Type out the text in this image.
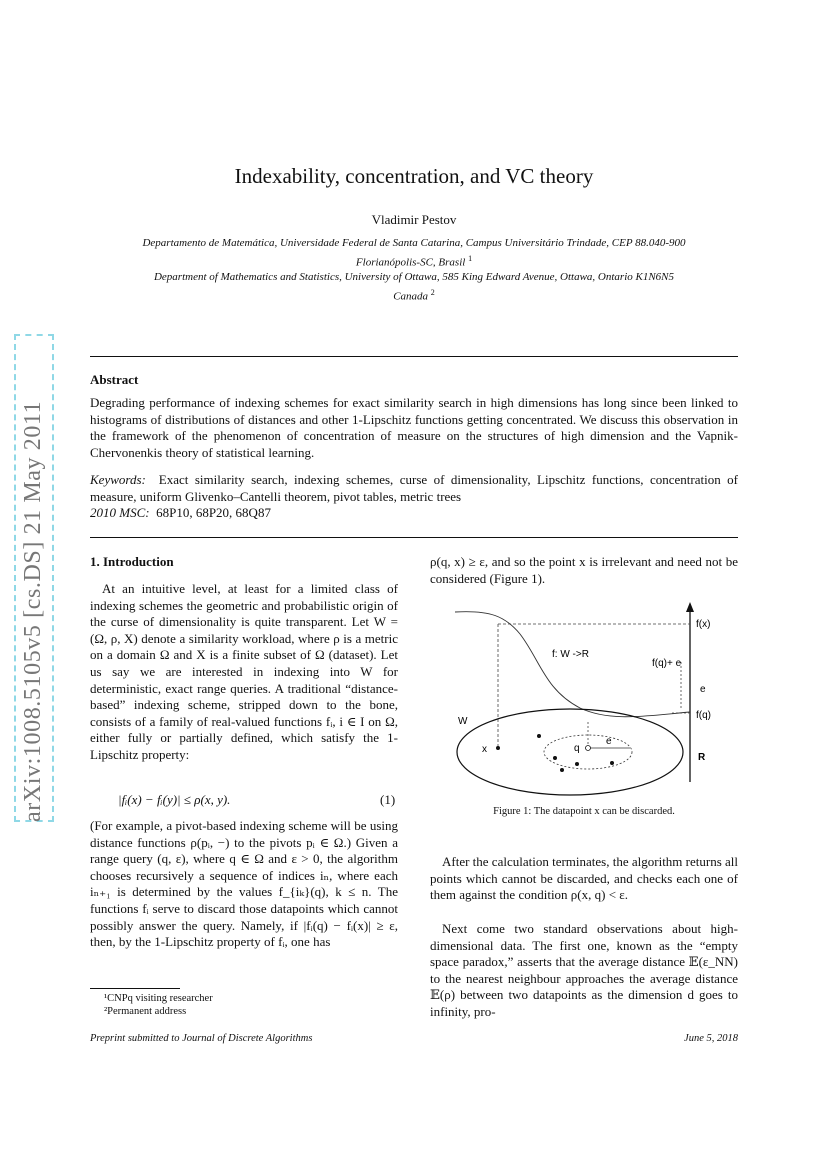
arXiv:1008.5105v5 [cs.DS] 21 May 2011
Indexability, concentration, and VC theory
Vladimir Pestov
Departamento de Matemática, Universidade Federal de Santa Catarina, Campus Universitário Trindade, CEP 88.040-900
Florianópolis-SC, Brasil $^1$
Department of Mathematics and Statistics, University of Ottawa, 585 King Edward Avenue, Ottawa, Ontario K1N6N5
Canada $^2$
Abstract
Degrading performance of indexing schemes for exact similarity search in high dimensions has long since been linked to histograms of distributions of distances and other 1-Lipschitz functions getting concentrated. We discuss this observation in the framework of the phenomenon of concentration of measure on the structures of high dimension and the Vapnik-Chervonenkis theory of statistical learning.
Keywords: Exact similarity search, indexing schemes, curse of dimensionality, Lipschitz functions, concentration of measure, uniform Glivenko–Cantelli theorem, pivot tables, metric trees
2010 MSC: 68P10, 68P20, 68Q87
1. Introduction
At an intuitive level, at least for a limited class of indexing schemes the geometric and probabilistic origin of the curse of dimensionality is quite transparent. Let W = (Ω, ρ, X) denote a similarity workload, where ρ is a metric on a domain Ω and X is a finite subset of Ω (dataset). Let us say we are interested in indexing into W for deterministic, exact range queries. A traditional “distance-based” indexing scheme, stripped down to the bone, consists of a family of real-valued functions fᵢ, i ∈ I on Ω, either fully or partially defined, which satisfy the 1-Lipschitz property:
|fᵢ(x) − fᵢ(y)| ≤ ρ(x, y).	(1)
(For example, a pivot-based indexing scheme will be using distance functions ρ(pᵢ, −) to the pivots pᵢ ∈ Ω.) Given a range query (q, ε), where q ∈ Ω and ε > 0, the algorithm chooses recursively a sequence of indices iₙ, where each iₙ₊₁ is determined by the values f_{iₖ}(q), k ≤ n. The functions fᵢ serve to discard those datapoints which cannot possibly answer the query. Namely, if |fᵢ(q) − fᵢ(x)| ≥ ε, then, by the 1-Lipschitz property of fᵢ, one has
¹CNPq visiting researcher
²Permanent address
ρ(q, x) ≥ ε, and so the point x is irrelevant and need not be considered (Figure 1).
f(x)
f: W ->R
f(q)+ e
e
f(q)
W
x	q
e
R
Figure 1: The datapoint x can be discarded.
After the calculation terminates, the algorithm returns all points which cannot be discarded, and checks each one of them against the condition ρ(x, q) < ε.
Next come two standard observations about high-dimensional data. The first one, known as the “empty space paradox,” asserts that the average distance 𝔼(ε_NN) to the nearest neighbour approaches the average distance 𝔼(ρ) between two datapoints as the dimension d goes to infinity, pro-
Preprint submitted to Journal of Discrete Algorithms	June 5, 2018
